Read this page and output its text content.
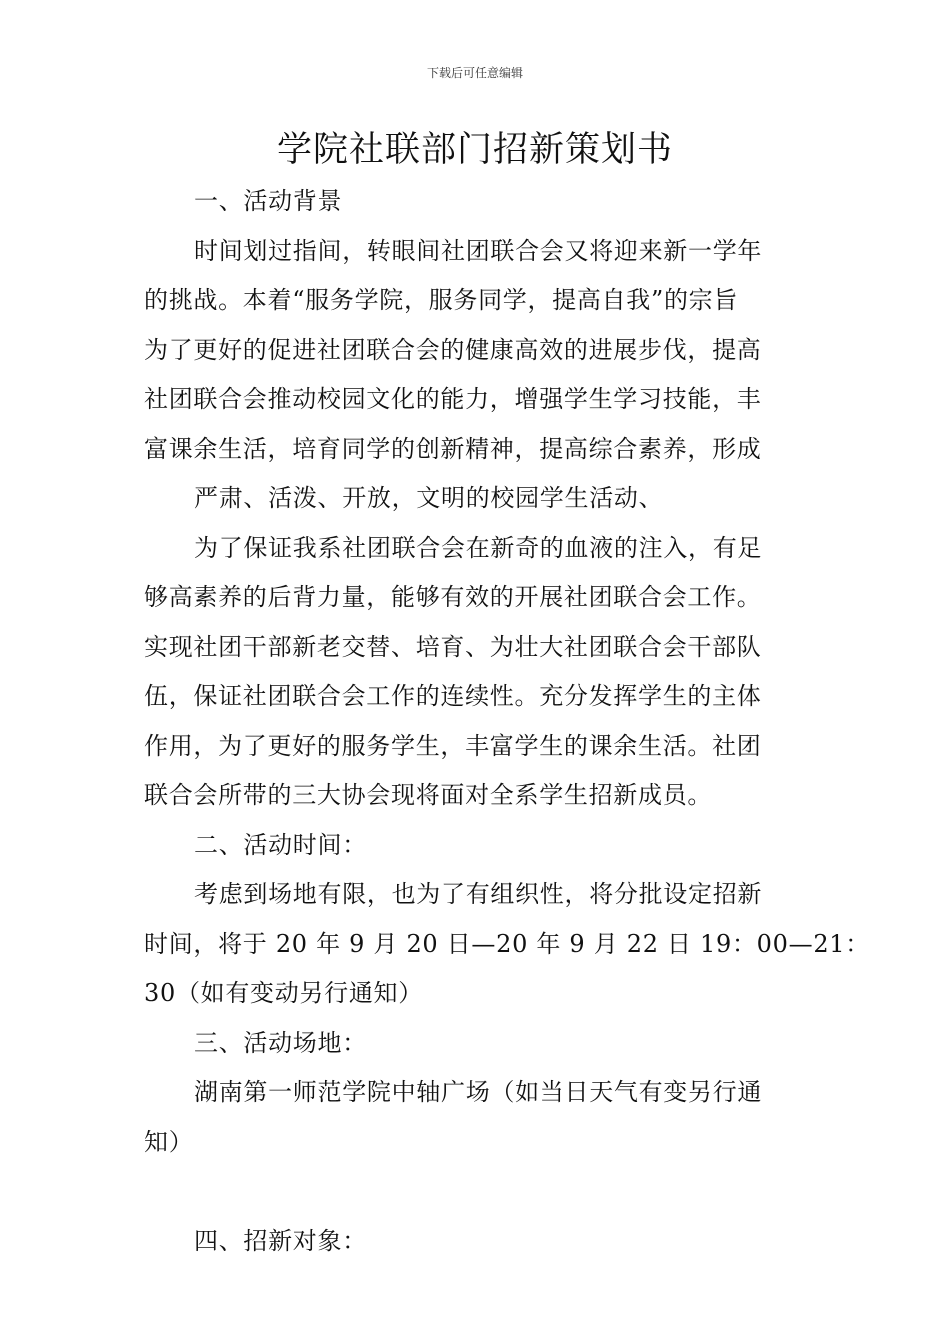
下载后可任意编辑
学院社联部门招新策划书
一、活动背景
时间划过指间，转眼间社团联合会又将迎来新一学年
的挑战。本着“服务学院，服务同学，提高自我”的宗旨
为了更好的促进社团联合会的健康高效的进展步伐，提高
社团联合会推动校园文化的能力，增强学生学习技能，丰
富课余生活，培育同学的创新精神，提高综合素养，形成
严肃、活泼、开放，文明的校园学生活动、
为了保证我系社团联合会在新奇的血液的注入，有足
够高素养的后背力量，能够有效的开展社团联合会工作。
实现社团干部新老交替、培育、为壮大社团联合会干部队
伍，保证社团联合会工作的连续性。充分发挥学生的主体
作用，为了更好的服务学生，丰富学生的课余生活。社团
联合会所带的三大协会现将面对全系学生招新成员。
二、活动时间：
考虑到场地有限，也为了有组织性，将分批设定招新
时间，将于 20 年 9 月 20 日—20 年 9 月 22 日 19：00—21：
30（如有变动另行通知）
三、活动场地：
湖南第一师范学院中轴广场（如当日天气有变另行通
知）
四、招新对象：
